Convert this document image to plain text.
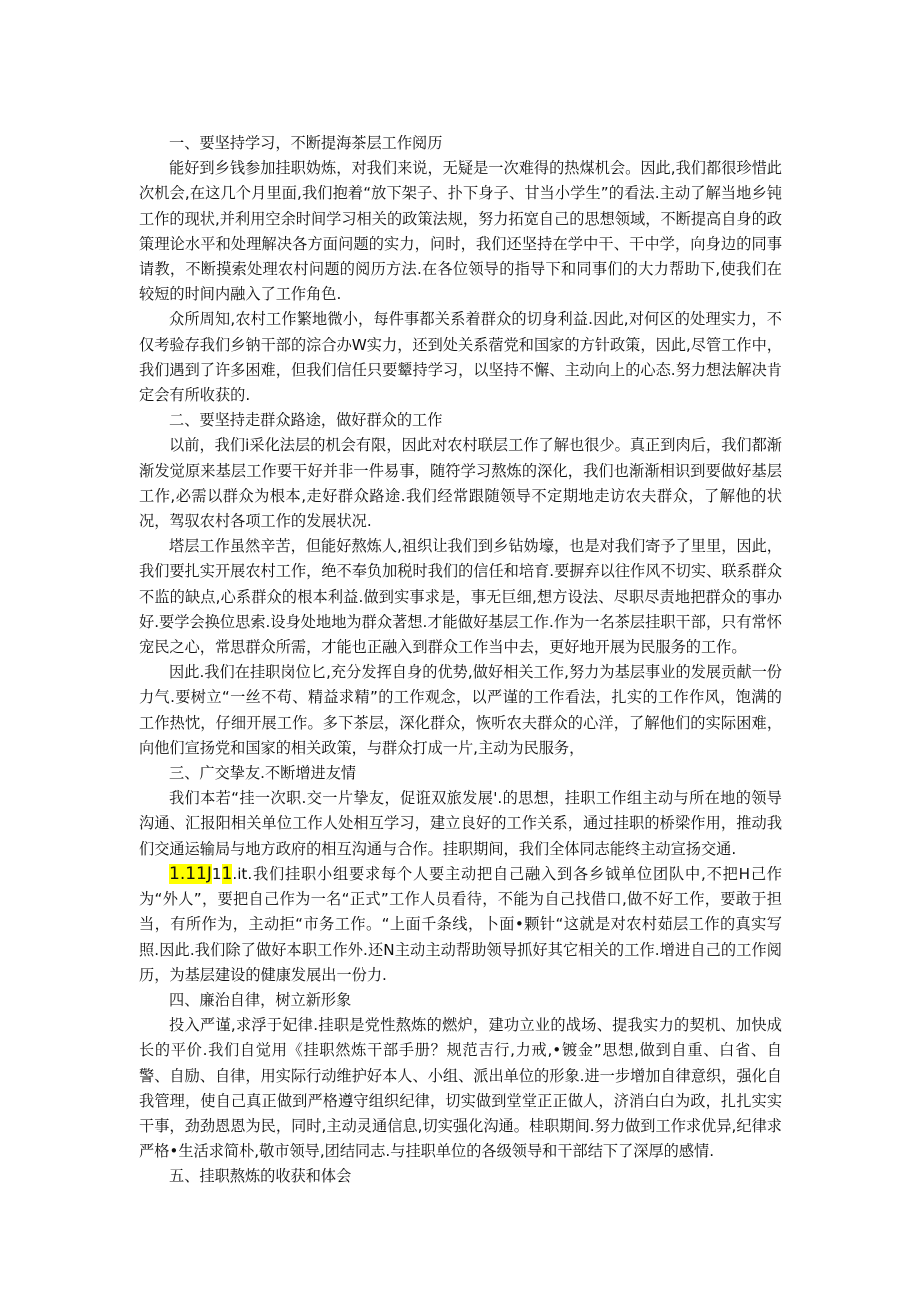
一、要坚持学习，不断提海茶层工作阅历

能好到乡钱参加挂职妫炼，对我们来说，无疑是一次难得的热煤机会。因此,我们都很珍惜此次机会,在这几个月里面,我们抱着“放下架子、扑下身子、甘当小学生”的看法.主动了解当地乡钝工作的现状,并利用空余时间学习相关的政策法规，努力拓宽自己的思想领域，不断提高自身的政策理论水平和处理解决各方面问题的实力，问时，我们还坚持在学中干、干中学，向身边的同事请教，不断摸索处理农村问题的阅历方法.在各位领导的指导下和同事们的大力帮助下,使我们在较短的时间内融入了工作角色.

众所周知,农村工作繁地微小，每件事都关系着群众的切身利益.因此,对何区的处理实力，不仅考验存我们乡钠干部的淙合办W实力，还到处关系蓿党和国家的方针政策，因此,尽管工作中，我们遇到了许多困难，但我们信任只要颦持学习，以坚持不懈、主动向上的心态.努力想法解决肯定会有所收获的.

二、要坚持走群众路途，做好群众的工作

以前，我们i采化法层的机会有限，因此对农村联层工作了解也很少。真正到肉后，我们都渐渐发觉原来基层工作要干好并非一件易事，随符学习熬炼的深化，我们也渐渐相识到要做好基层工作,必需以群众为根本,走好群众路途.我们经常跟随领导不定期地走访农夫群众，了解他的状况，驾驭农村各项工作的发展状况.

塔层工作虽然辛苦，但能好熬炼人,祖织让我们到乡钻妫壕，也是对我们寄予了里里，因此，我们要扎实开展农村工作，绝不奉负加税时我们的信任和培育.要摒弃以往作风不切实、联系群众不监的缺点,心系群众的根本利益.做到实事求是，事无巨细,想方设法、尽职尽责地把群众的事办好.要学会换位思索.设身处地地为群众著想.才能做好基层工作.作为一名茶层挂职干部，只有常怀宠民之心，常思群众所需，才能也正融入到群众工作当中去，更好地开展为民服务的工作。

因此.我们在挂职岗位匕,充分发挥自身的优势,做好相关工作,努力为基层事业的发展贡献一份力气.要树立“一丝不苟、精益求精”的工作观念，以严谨的工作看法，扎实的工作作风，饱满的工作热忱，仔细开展工作。多下茶层，深化群众，恢听农夫群众的心洋，了解他们的实际困难，向他们宣扬党和国家的相关政策，与群众打成一片,主动为民服务，

三、广交挚友.不断增进友情

我们本若“挂一次职.交一片挚友，促诳双旅发展'.的思想，挂职工作组主动与所在地的领导沟通、汇报阳相关单位工作人处相互学习，建立良好的工作关系，通过挂职的桥梁作用，推动我们交通运输局与地方政府的相互沟通与合作。挂职期间，我们全体同志能终主动宣扬交通.

1.11J11.it.我们挂职小组要求每个人要主动把自己融入到各乡钺单位团队中,不把H己作为“外人”，要把自己作为一名“正式”工作人员看待，不能为自己找借口,做不好工作，要敢于担当，有所作为，主动拒“市务工作。“上面千条线，卜面•颗针“这就是对农村茹层工作的真实写照.因此.我们除了做好本职工作外.还N主动主动帮助领导抓好其它相关的工作.增进自己的工作阅历，为基层建设的健康发展出一份力.

四、廉治自律，树立新形象

投入严谨,求浮于妃律.挂职是党性熬炼的燃炉，建功立业的战场、提我实力的契机、加快成长的平价.我们自觉用《挂职然炼干部手册？规范吉行,力戒,•镀金”思想,做到自重、白省、自警、自励、自律，用实际行动维护好本人、小组、派出单位的形象.进一步增加自律意织，强化自我管理，使自己真正做到严格遵守组织纪律，切实做到堂堂正正做人，济消白白为政，扎扎实实干事，劲劲恩恩为民，同时,主动灵通信息,切实强化沟通。桂职期间.努力做到工作求优异,纪律求严格•生活求简朴,敬市领导,团结同志.与挂职单位的各级领导和干部结下了深厚的感情.

五、挂职熬炼的收获和体会
